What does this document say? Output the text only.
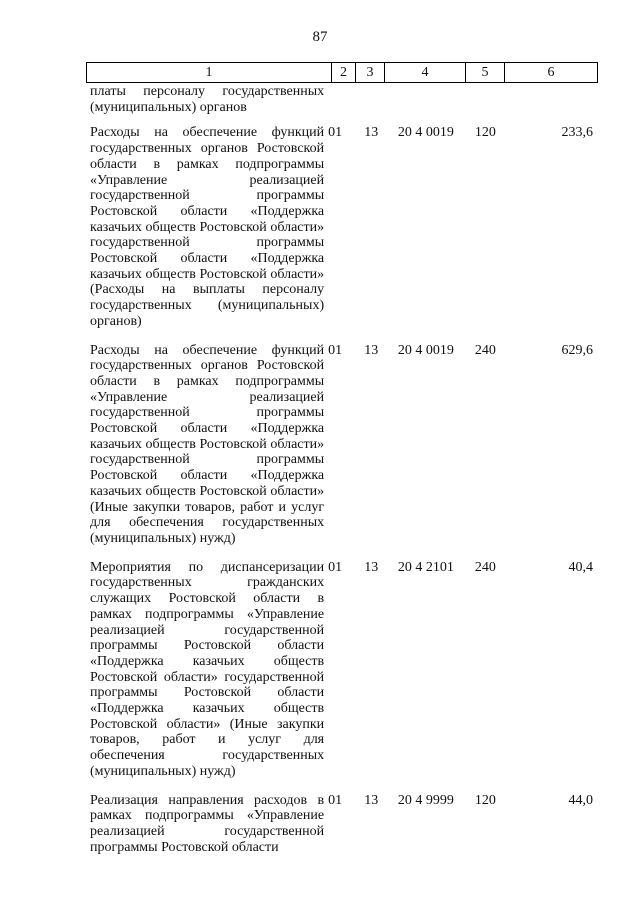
87
1	2	3	4	5	6
платы персоналу государственных (муниципальных) органов
Расходы на обеспечение функций государственных органов Ростовской области в рамках подпрограммы «Управление реализацией государственной программы Ростовской области «Поддержка казачьих обществ Ростовской области» государственной программы Ростовской области «Поддержка казачьих обществ Ростовской области» (Расходы на выплаты персоналу государственных (муниципальных) органов)
01	13	20 4 0019	120	233,6
Расходы на обеспечение функций государственных органов Ростовской области в рамках подпрограммы «Управление реализацией государственной программы Ростовской области «Поддержка казачьих обществ Ростовской области» государственной программы Ростовской области «Поддержка казачьих обществ Ростовской области» (Иные закупки товаров, работ и услуг для обеспечения государственных (муниципальных) нужд)
01	13	20 4 0019	240	629,6
Мероприятия по диспансеризации государственных гражданских служащих Ростовской области в рамках подпрограммы «Управление реализацией государственной программы Ростовской области «Поддержка казачьих обществ Ростовской области» государственной программы Ростовской области «Поддержка казачьих обществ Ростовской области» (Иные закупки товаров, работ и услуг для обеспечения государственных (муниципальных) нужд)
01	13	20 4 2101	240	40,4
Реализация направления расходов в рамках подпрограммы «Управление реализацией государственной программы Ростовской области
01	13	20 4 9999	120	44,0
